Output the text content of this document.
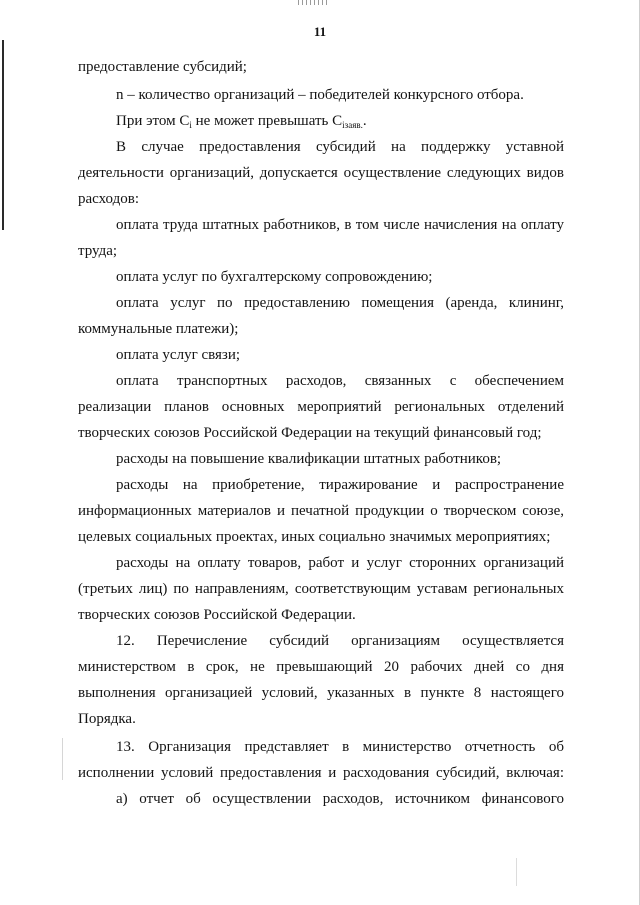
11
предоставление субсидий;
n – количество организаций – победителей конкурсного отбора.
При этом $C_i$ не может превышать $C_{iзаяв.}$.
В случае предоставления субсидий на поддержку уставной
деятельности организаций, допускается осуществление следующих видов
расходов:
оплата труда штатных работников, в том числе начисления на оплату
труда;
оплата услуг по бухгалтерскому сопровождению;
оплата услуг по предоставлению помещения (аренда, клининг,
коммунальные платежи);
оплата услуг связи;
оплата транспортных расходов, связанных с обеспечением
реализации планов основных мероприятий региональных отделений
творческих союзов Российской Федерации на текущий финансовый год;
расходы на повышение квалификации штатных работников;
расходы на приобретение, тиражирование и распространение
информационных материалов и печатной продукции о творческом союзе,
целевых социальных проектах, иных социально значимых мероприятиях;
расходы на оплату товаров, работ и услуг сторонних организаций
(третьих лиц) по направлениям, соответствующим уставам региональных
творческих союзов Российской Федерации.
12. Перечисление субсидий организациям осуществляется
министерством в срок, не превышающий 20 рабочих дней со дня
выполнения организацией условий, указанных в пункте 8 настоящего
Порядка.
13. Организация представляет в министерство отчетность об
исполнении условий предоставления и расходования субсидий, включая:
а) отчет об осуществлении расходов, источником финансового
